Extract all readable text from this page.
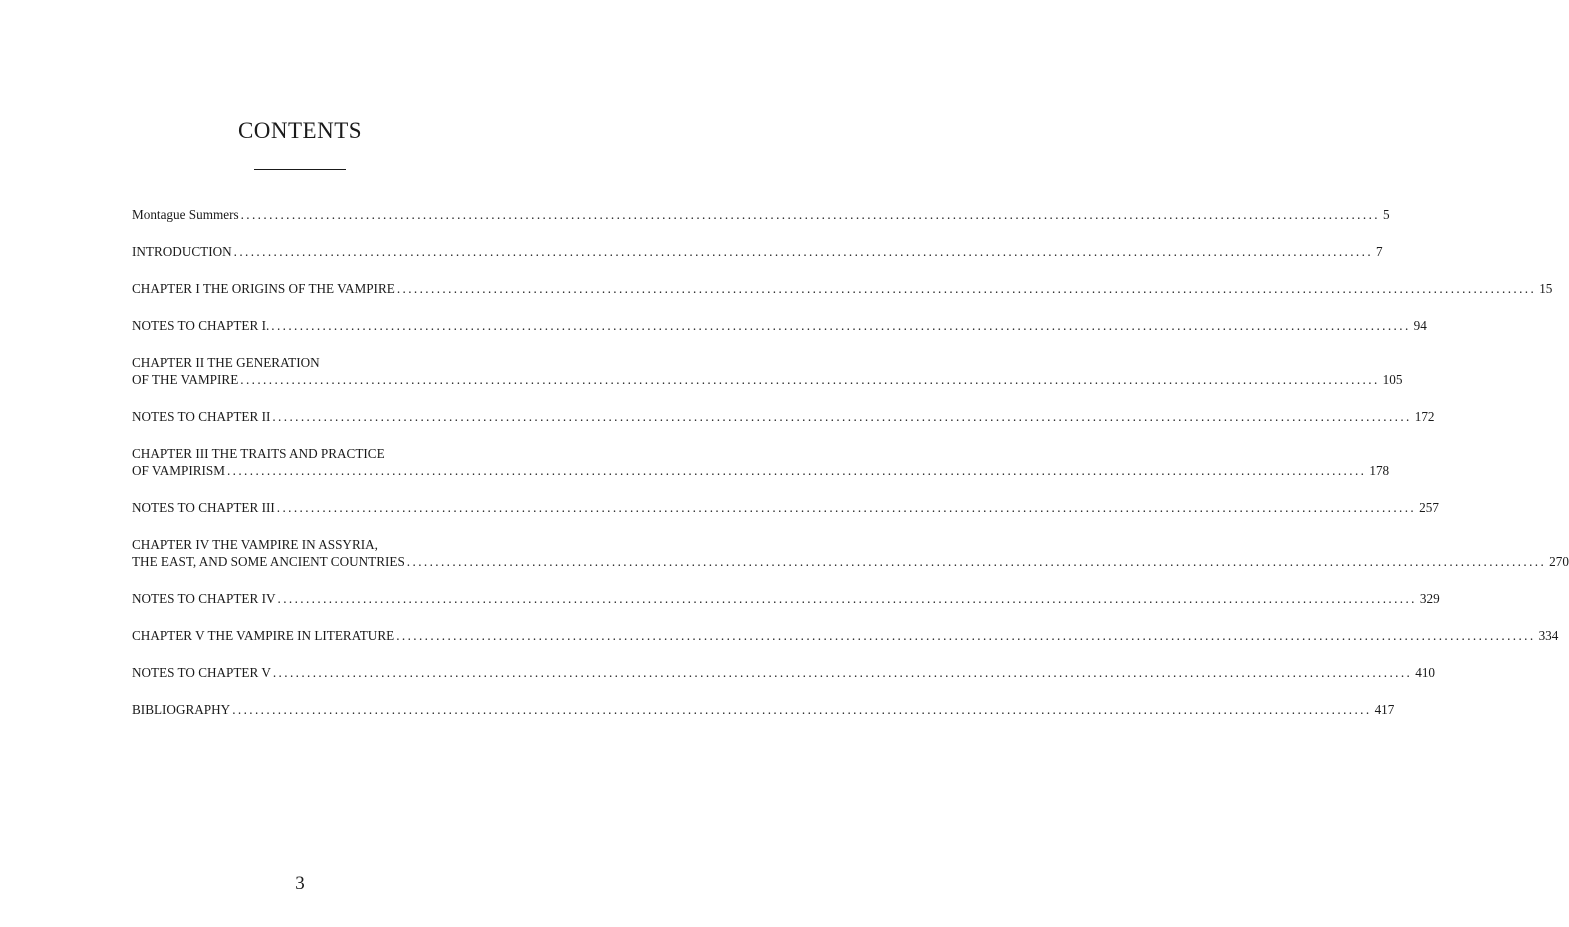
CONTENTS
Montague Summers ........................................................................................................................................................................................................ 5
INTRODUCTION ........................................................................................................................................................................................................ 7
CHAPTER I THE ORIGINS OF THE VAMPIRE ........................................................................................................................................................................................................ 15
NOTES TO CHAPTER I. ........................................................................................................................................................................................................ 94
CHAPTER II THE GENERATION
OF THE VAMPIRE ........................................................................................................................................................................................................ 105
NOTES TO CHAPTER II ........................................................................................................................................................................................................ 172
CHAPTER III THE TRAITS AND PRACTICE
OF VAMPIRISM ........................................................................................................................................................................................................ 178
NOTES TO CHAPTER III ........................................................................................................................................................................................................ 257
CHAPTER IV THE VAMPIRE IN ASSYRIA,
THE EAST, AND SOME ANCIENT COUNTRIES ........................................................................................................................................................................................................ 270
NOTES TO CHAPTER IV ........................................................................................................................................................................................................ 329
CHAPTER V THE VAMPIRE IN LITERATURE ........................................................................................................................................................................................................ 334
NOTES TO CHAPTER V ........................................................................................................................................................................................................ 410
BIBLIOGRAPHY ........................................................................................................................................................................................................ 417
3
